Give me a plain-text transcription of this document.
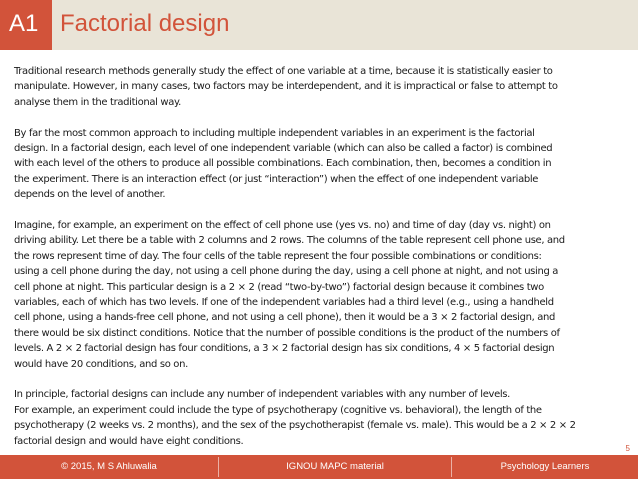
A1 Factorial design
Traditional research methods generally study the effect of one variable at a time, because it is statistically easier to
manipulate. However, in many cases, two factors may be interdependent, and it is impractical or false to attempt to
analyse them in the traditional way.
By far the most common approach to including multiple independent variables in an experiment is the factorial
design. In a factorial design, each level of one independent variable (which can also be called a factor) is combined
with each level of the others to produce all possible combinations. Each combination, then, becomes a condition in
the experiment. There is an interaction effect (or just “interaction”) when the effect of one independent variable
depends on the level of another.
Imagine, for example, an experiment on the effect of cell phone use (yes vs. no) and time of day (day vs. night) on
driving ability. Let there be a table with 2 columns and 2 rows. The columns of the table represent cell phone use, and
the rows represent time of day. The four cells of the table represent the four possible combinations or conditions:
using a cell phone during the day, not using a cell phone during the day, using a cell phone at night, and not using a
cell phone at night. This particular design is a 2 × 2 (read “two-by-two”) factorial design because it combines two
variables, each of which has two levels. If one of the independent variables had a third level (e.g., using a handheld
cell phone, using a hands-free cell phone, and not using a cell phone), then it would be a 3 × 2 factorial design, and
there would be six distinct conditions. Notice that the number of possible conditions is the product of the numbers of
levels. A 2 × 2 factorial design has four conditions, a 3 × 2 factorial design has six conditions, 4 × 5 factorial design
would have 20 conditions, and so on.
In principle, factorial designs can include any number of independent variables with any number of levels.
For example, an experiment could include the type of psychotherapy (cognitive vs. behavioral), the length of the
psychotherapy (2 weeks vs. 2 months), and the sex of the psychotherapist (female vs. male). This would be a 2 × 2 × 2
factorial design and would have eight conditions.
5
© 2015, M S Ahluwalia	IGNOU MAPC material	Psychology Learners
